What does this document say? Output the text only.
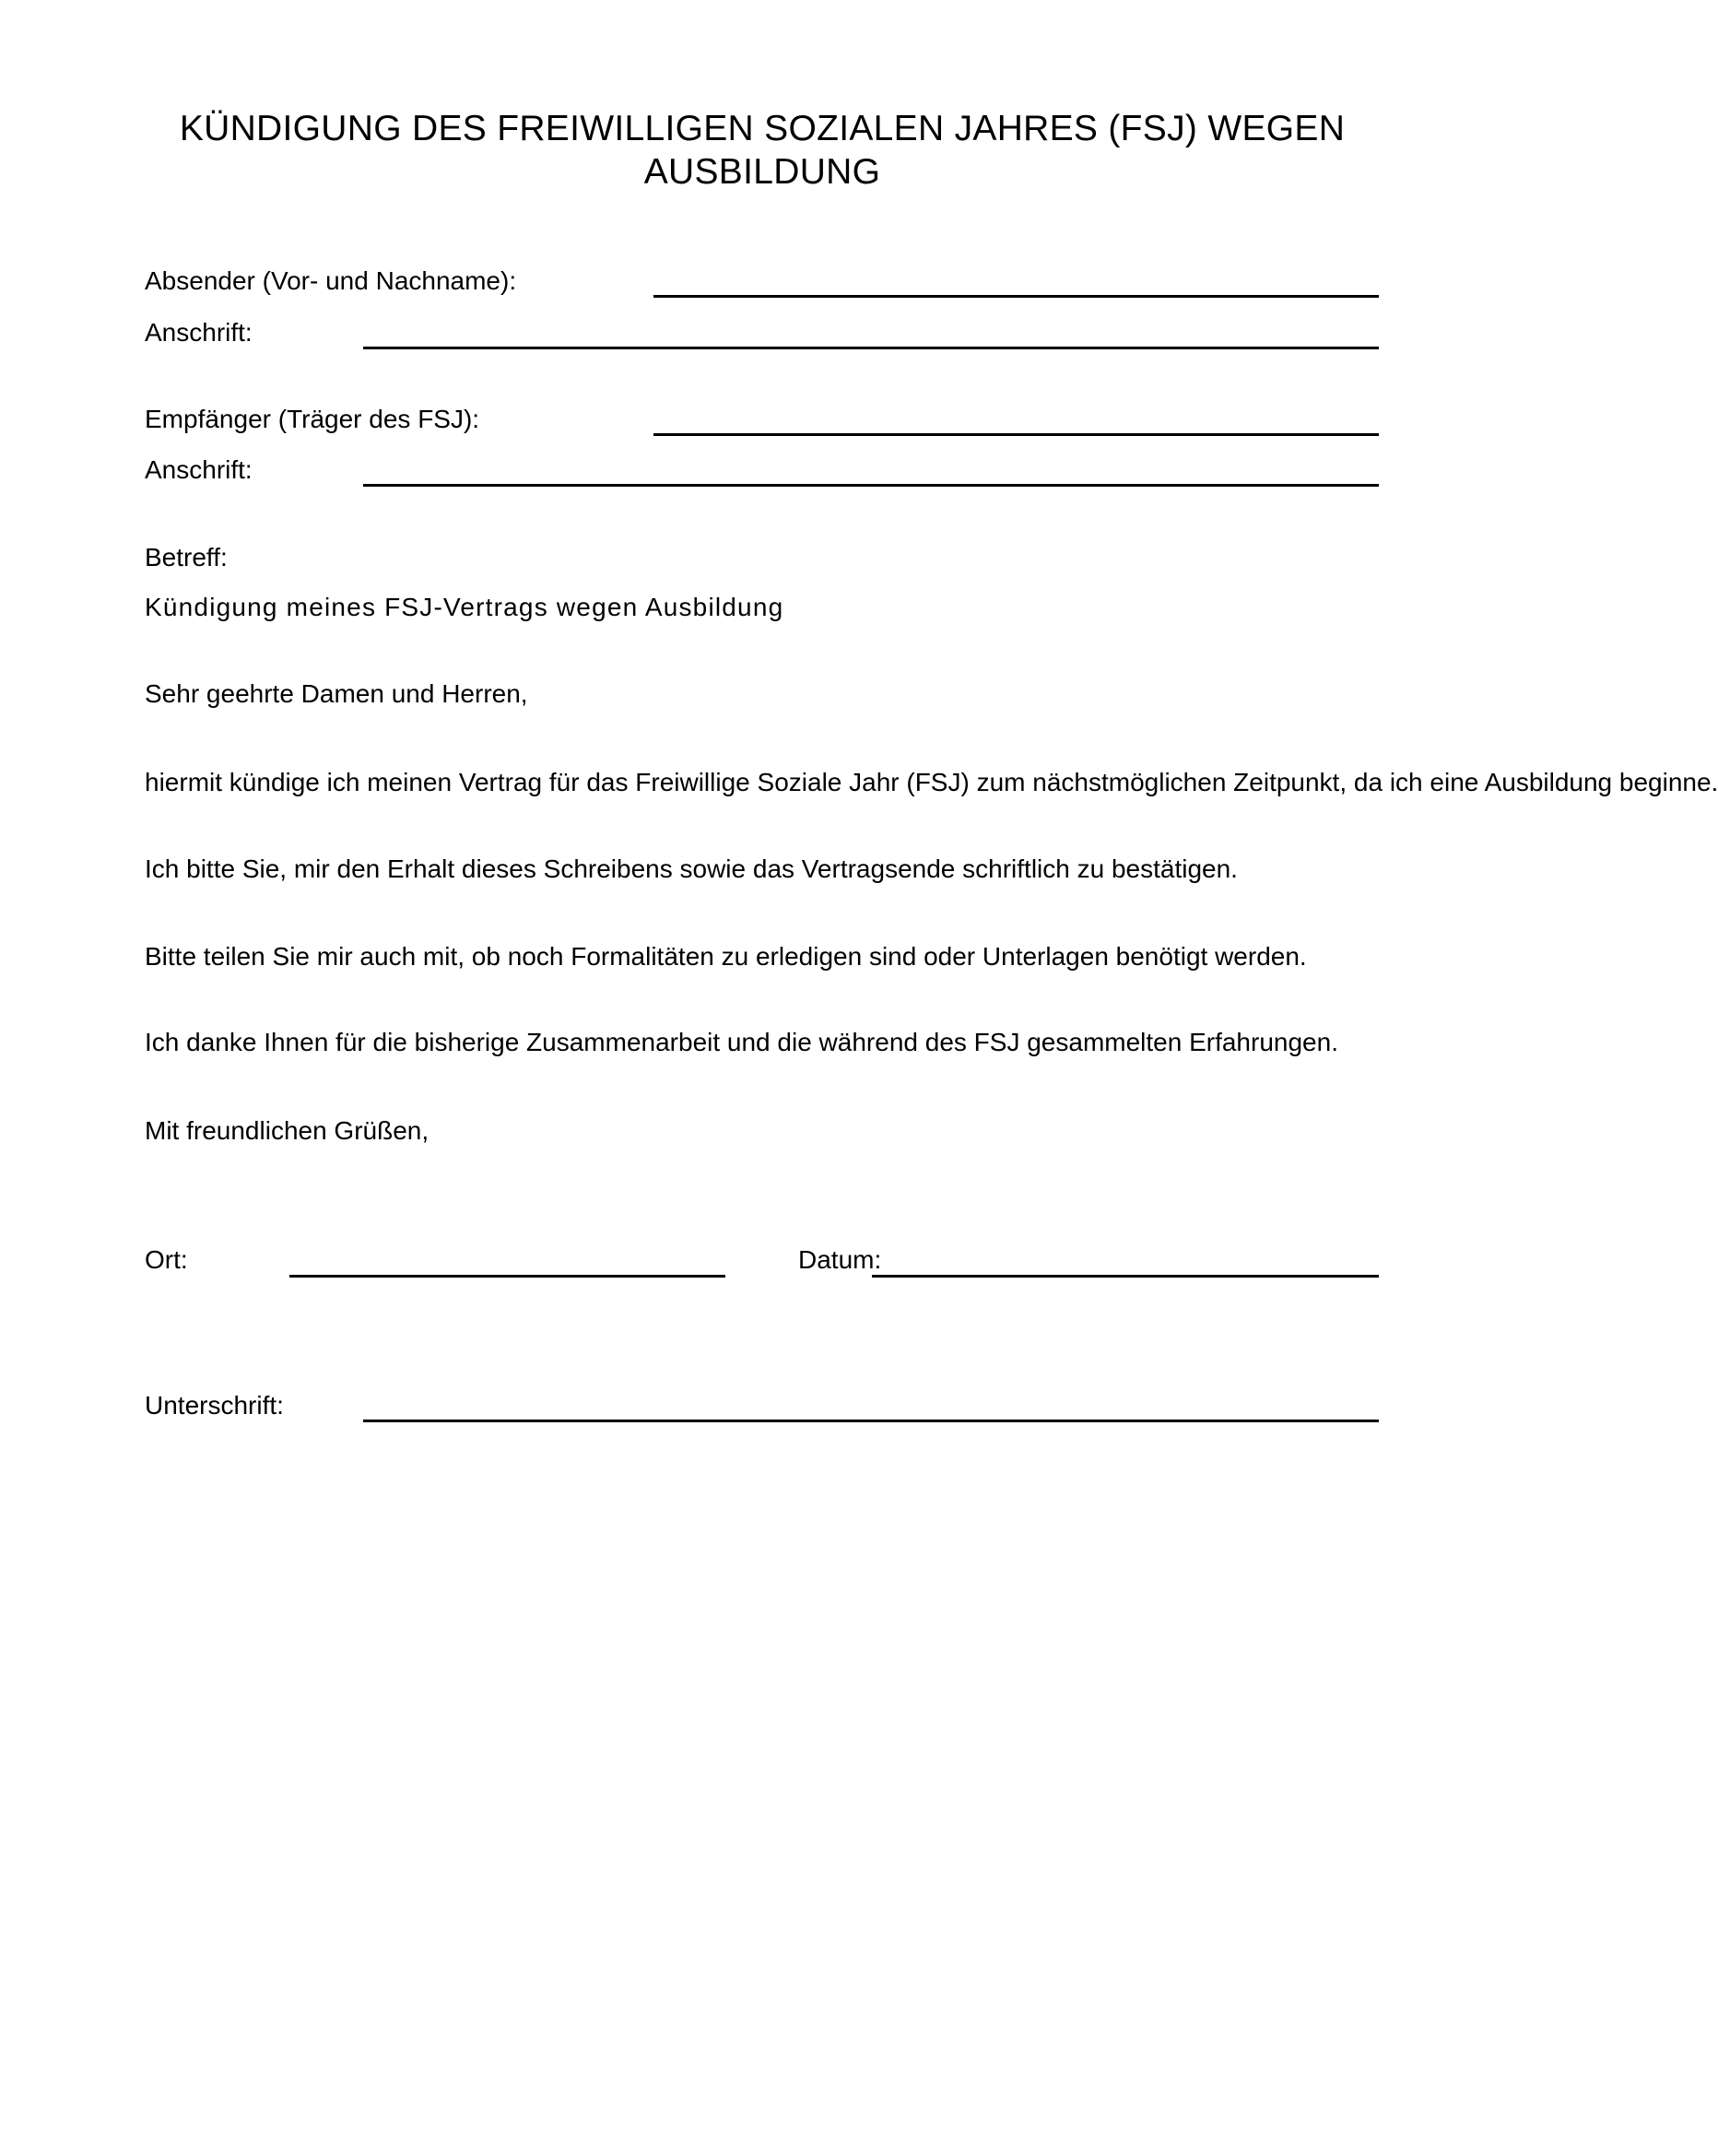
KÜNDIGUNG DES FREIWILLIGEN SOZIALEN JAHRES (FSJ) WEGEN
AUSBILDUNG

Absender (Vor- und Nachname):

Anschrift:

Empfänger (Träger des FSJ):

Anschrift:

Betreff:

Kündigung meines FSJ-Vertrags wegen Ausbildung

Sehr geehrte Damen und Herren,

hiermit kündige ich meinen Vertrag für das Freiwillige Soziale Jahr (FSJ) zum nächstmöglichen Zeitpunkt, da ich eine Ausbildung beginne.

Ich bitte Sie, mir den Erhalt dieses Schreibens sowie das Vertragsende schriftlich zu bestätigen.

Bitte teilen Sie mir auch mit, ob noch Formalitäten zu erledigen sind oder Unterlagen benötigt werden.

Ich danke Ihnen für die bisherige Zusammenarbeit und die während des FSJ gesammelten Erfahrungen.

Mit freundlichen Grüßen,

Ort:	Datum:

Unterschrift:
